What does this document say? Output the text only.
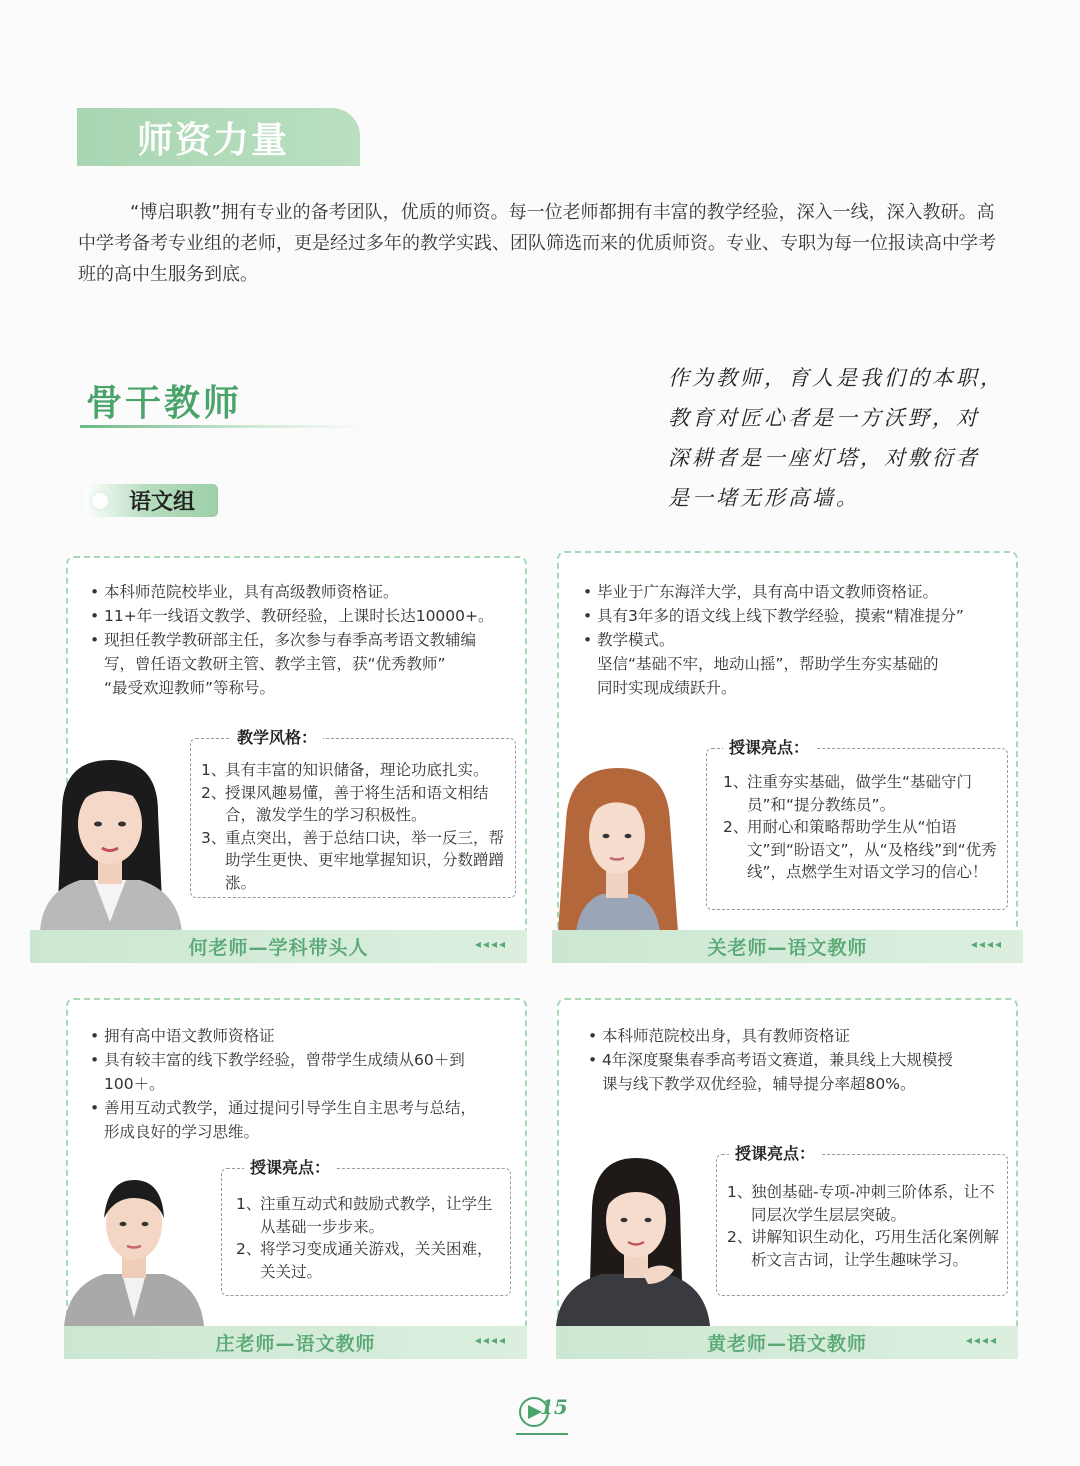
师资力量

“博启职教”拥有专业的备考团队，优质的师资。每一位老师都拥有丰富的教学经验，深入一线，深入教研。高中学考备考专业组的老师，更是经过多年的教学实践、团队筛选而来的优质师资。专业、专职为每一位报读高中学考班的高中生服务到底。

骨干教师
作为教师，育人是我们的本职，
教育对匠心者是一方沃野，对
深耕者是一座灯塔，对敷衍者
是一堵无形高墙。
语文组
• 本科师范院校毕业，具有高级教师资格证。
• 11+年一线语文教学、教研经验，上课时长达10000+。
• 现担任教学教研部主任，多次参与春季高考语文教辅编
写，曾任语文教研主管、教学主管，获“优秀教师”
“最受欢迎教师”等称号。
教学风格：
1、
具有丰富的知识储备，理论功底扎实。
2、
授课风趣易懂，善于将生活和语文相结合，激发学生的学习积极性。
3、
重点突出，善于总结口诀，举一反三，帮助学生更快、更牢地掌握知识，分数蹭蹭涨。
何老师—学科带头人	◂◂◂◂
• 毕业于广东海洋大学，具有高中语文教师资格证。
• 具有3年多的语文线上线下教学经验，摸索“精准提分”
• 教学模式。
坚信“基础不牢，地动山摇”，帮助学生夯实基础的
同时实现成绩跃升。
授课亮点：
1、
注重夯实基础，做学生“基础守门员”和“提分教练员”。
2、
用耐心和策略帮助学生从“怕语文”到“盼语文”，从“及格线”到“优秀线”，点燃学生对语文学习的信心！
关老师—语文教师	◂◂◂◂
• 拥有高中语文教师资格证
• 具有较丰富的线下教学经验，曾带学生成绩从60＋到
100＋。
• 善用互动式教学，通过提问引导学生自主思考与总结，
形成良好的学习思维。
授课亮点：
1、
注重互动式和鼓励式教学，让学生从基础一步步来。
2、
将学习变成通关游戏，关关困难，关关过。
庄老师—语文教师	◂◂◂◂
• 本科师范院校出身，具有教师资格证
• 4年深度聚集春季高考语文赛道，兼具线上大规模授
课与线下教学双优经验，辅导提分率超80%。
授课亮点：
1、
独创基础-专项-冲刺三阶体系，让不同层次学生层层突破。
2、
讲解知识生动化，巧用生活化案例解析文言古词，让学生趣味学习。
黄老师—语文教师	◂◂◂◂
15
